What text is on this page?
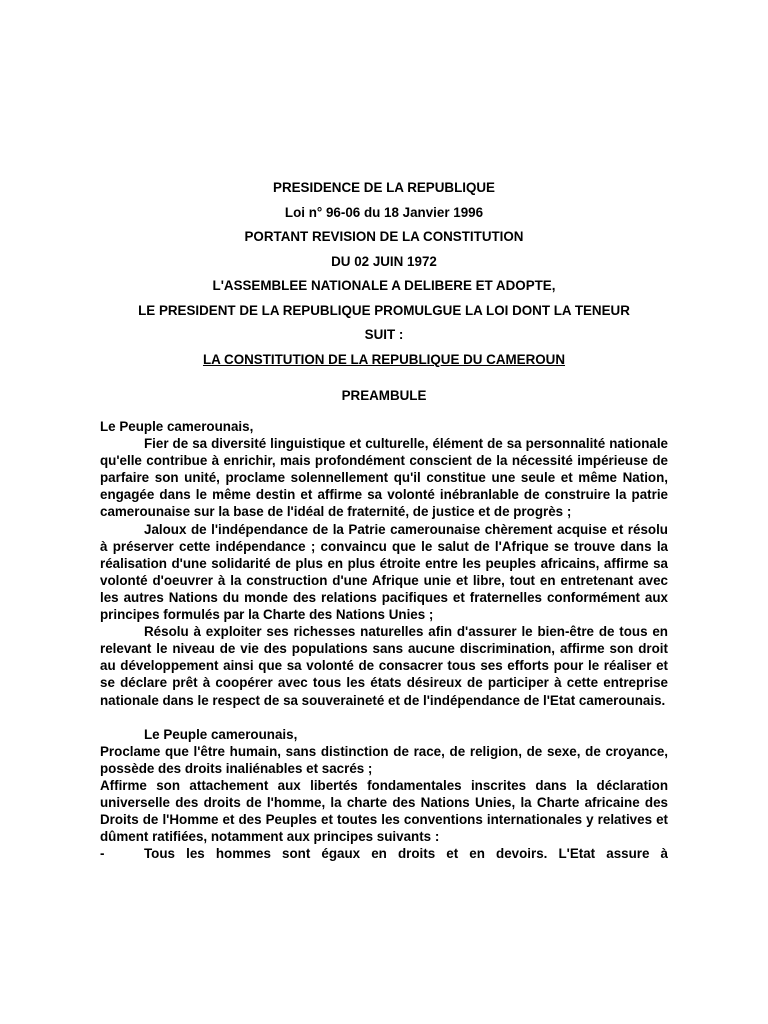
PRESIDENCE DE LA REPUBLIQUE
Loi n° 96-06 du 18 Janvier 1996
PORTANT REVISION DE LA CONSTITUTION
DU 02 JUIN 1972
L'ASSEMBLEE NATIONALE A DELIBERE ET ADOPTE,
LE PRESIDENT DE LA REPUBLIQUE PROMULGUE LA LOI DONT LA TENEUR
SUIT :
LA CONSTITUTION DE LA REPUBLIQUE DU CAMEROUN
PREAMBULE

Le Peuple camerounais,

Fier de sa diversité linguistique et culturelle, élément de sa personnalité nationale qu'elle contribue à enrichir, mais profondément conscient de la nécessité impérieuse de parfaire son unité, proclame solennellement qu'il constitue une seule et même Nation, engagée dans le même destin et affirme sa volonté inébranlable de construire la patrie camerounaise sur la base de l'idéal de fraternité, de justice et de progrès ;

Jaloux de l'indépendance de la Patrie camerounaise chèrement acquise et résolu à préserver cette indépendance ; convaincu que le salut de l'Afrique se trouve dans la réalisation d'une solidarité de plus en plus étroite entre les peuples africains, affirme sa volonté d'oeuvrer à la construction d'une Afrique unie et libre, tout en entretenant avec les autres Nations du monde des relations pacifiques et fraternelles conformément aux principes formulés par la Charte des Nations Unies ;

Résolu à exploiter ses richesses naturelles afin d'assurer le bien-être de tous en relevant le niveau de vie des populations sans aucune discrimination, affirme son droit au développement ainsi que sa volonté de consacrer tous ses efforts pour le réaliser et se déclare prêt à coopérer avec tous les états désireux de participer à cette entreprise nationale dans le respect de sa souveraineté et de l'indépendance de l'Etat camerounais.

Le Peuple camerounais,

Proclame que l'être humain, sans distinction de race, de religion, de sexe, de croyance, possède des droits inaliénables et sacrés ;

Affirme son attachement aux libertés fondamentales inscrites dans la déclaration universelle des droits de l'homme, la charte des Nations Unies, la Charte africaine des Droits de l'Homme et des Peuples et toutes les conventions internationales y relatives et dûment ratifiées, notamment aux principes suivants :

-	Tous les hommes sont égaux en droits et en devoirs. L'Etat assure à
